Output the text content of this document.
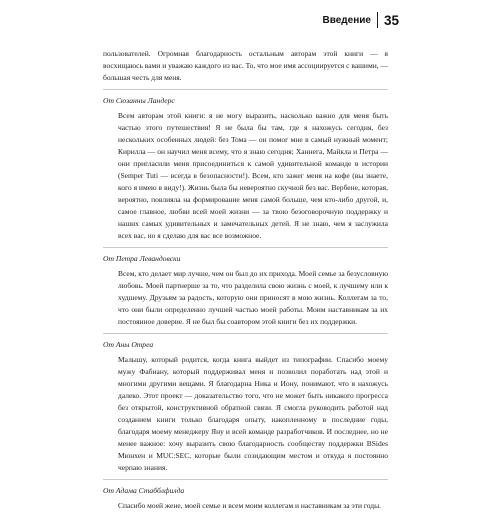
Введение 35

пользователей. Огромная благодарность остальным авторам этой книги — я восхищаюсь вами и уважаю каждого из вас. То, что мое имя ассоциируется с вашими, — большая честь для меня.

От Сюзанны Ландерс

Всем авторам этой книги: я не могу выразить, насколько важно для меня быть частью этого путешествия! Я не была бы там, где я нахожусь сегодня, без нескольких особенных людей: без Тома — он помог мне в самый нужный момент; Кирилла — он научил меня всему, что я знаю сегодня; Ханнега, Майкла и Петра — они пригласили меня присоединиться к самой удивительной команде в истории (Semper Tuti — всегда в безопасности!). Всем, кто зажег меня на кофе (вы знаете, кого я имею в виду!). Жизнь была бы невероятно скучной без вас. Вербене, которая, вероятно, повлияла на формирование меня самой больше, чем кто-либо другой, и, самое главное, любви всей моей жизни — за твою безоговорочную поддержку и наших самых удивительных и замечательных детей. Я не знаю, чем я заслужила всех вас, но я сделаю для вас все возможное.

От Петра Левандовски

Всем, кто делает мир лучше, чем он был до их прихода. Моей семье за безусловную любовь. Моей партнерше за то, что разделила свою жизнь с моей, к лучшему или к худшему. Друзьям за радость, которую они приносят в мою жизнь. Коллегам за то, что они были определенно лучшей частью моей работы. Моим наставникам за их постоянное доверие. Я не был бы соавтором этой книги без их поддержки.

От Аны Отреа

Малышу, который родится, когда книга выйдет из типографии. Спасибо моему мужу Фабиану, который поддерживал меня и позволил поработать над этой и многими другими вещами. Я благодарна Ника и Иону, понимают, что я нахожусь далеко. Этот проект — доказательство того, что не может быть никакого прогресса без открытой, конструктивной обратной связи. Я смогла руководить работой над созданием книги только благодаря опыту, накопленному в последние годы, благодаря моему менеджеру Яну и всей команде разработчиков. И последнее, но не менее важное: хочу выразить свою благодарность сообществу поддержки BSides Мюнхен и MUC:SEC, которые были созидающим местом и откуда я постоянно черпаю знания.

От Адама Стабблфилда

Спасибо моей жене, моей семье и всем моим коллегам и наставникам за эти годы.
